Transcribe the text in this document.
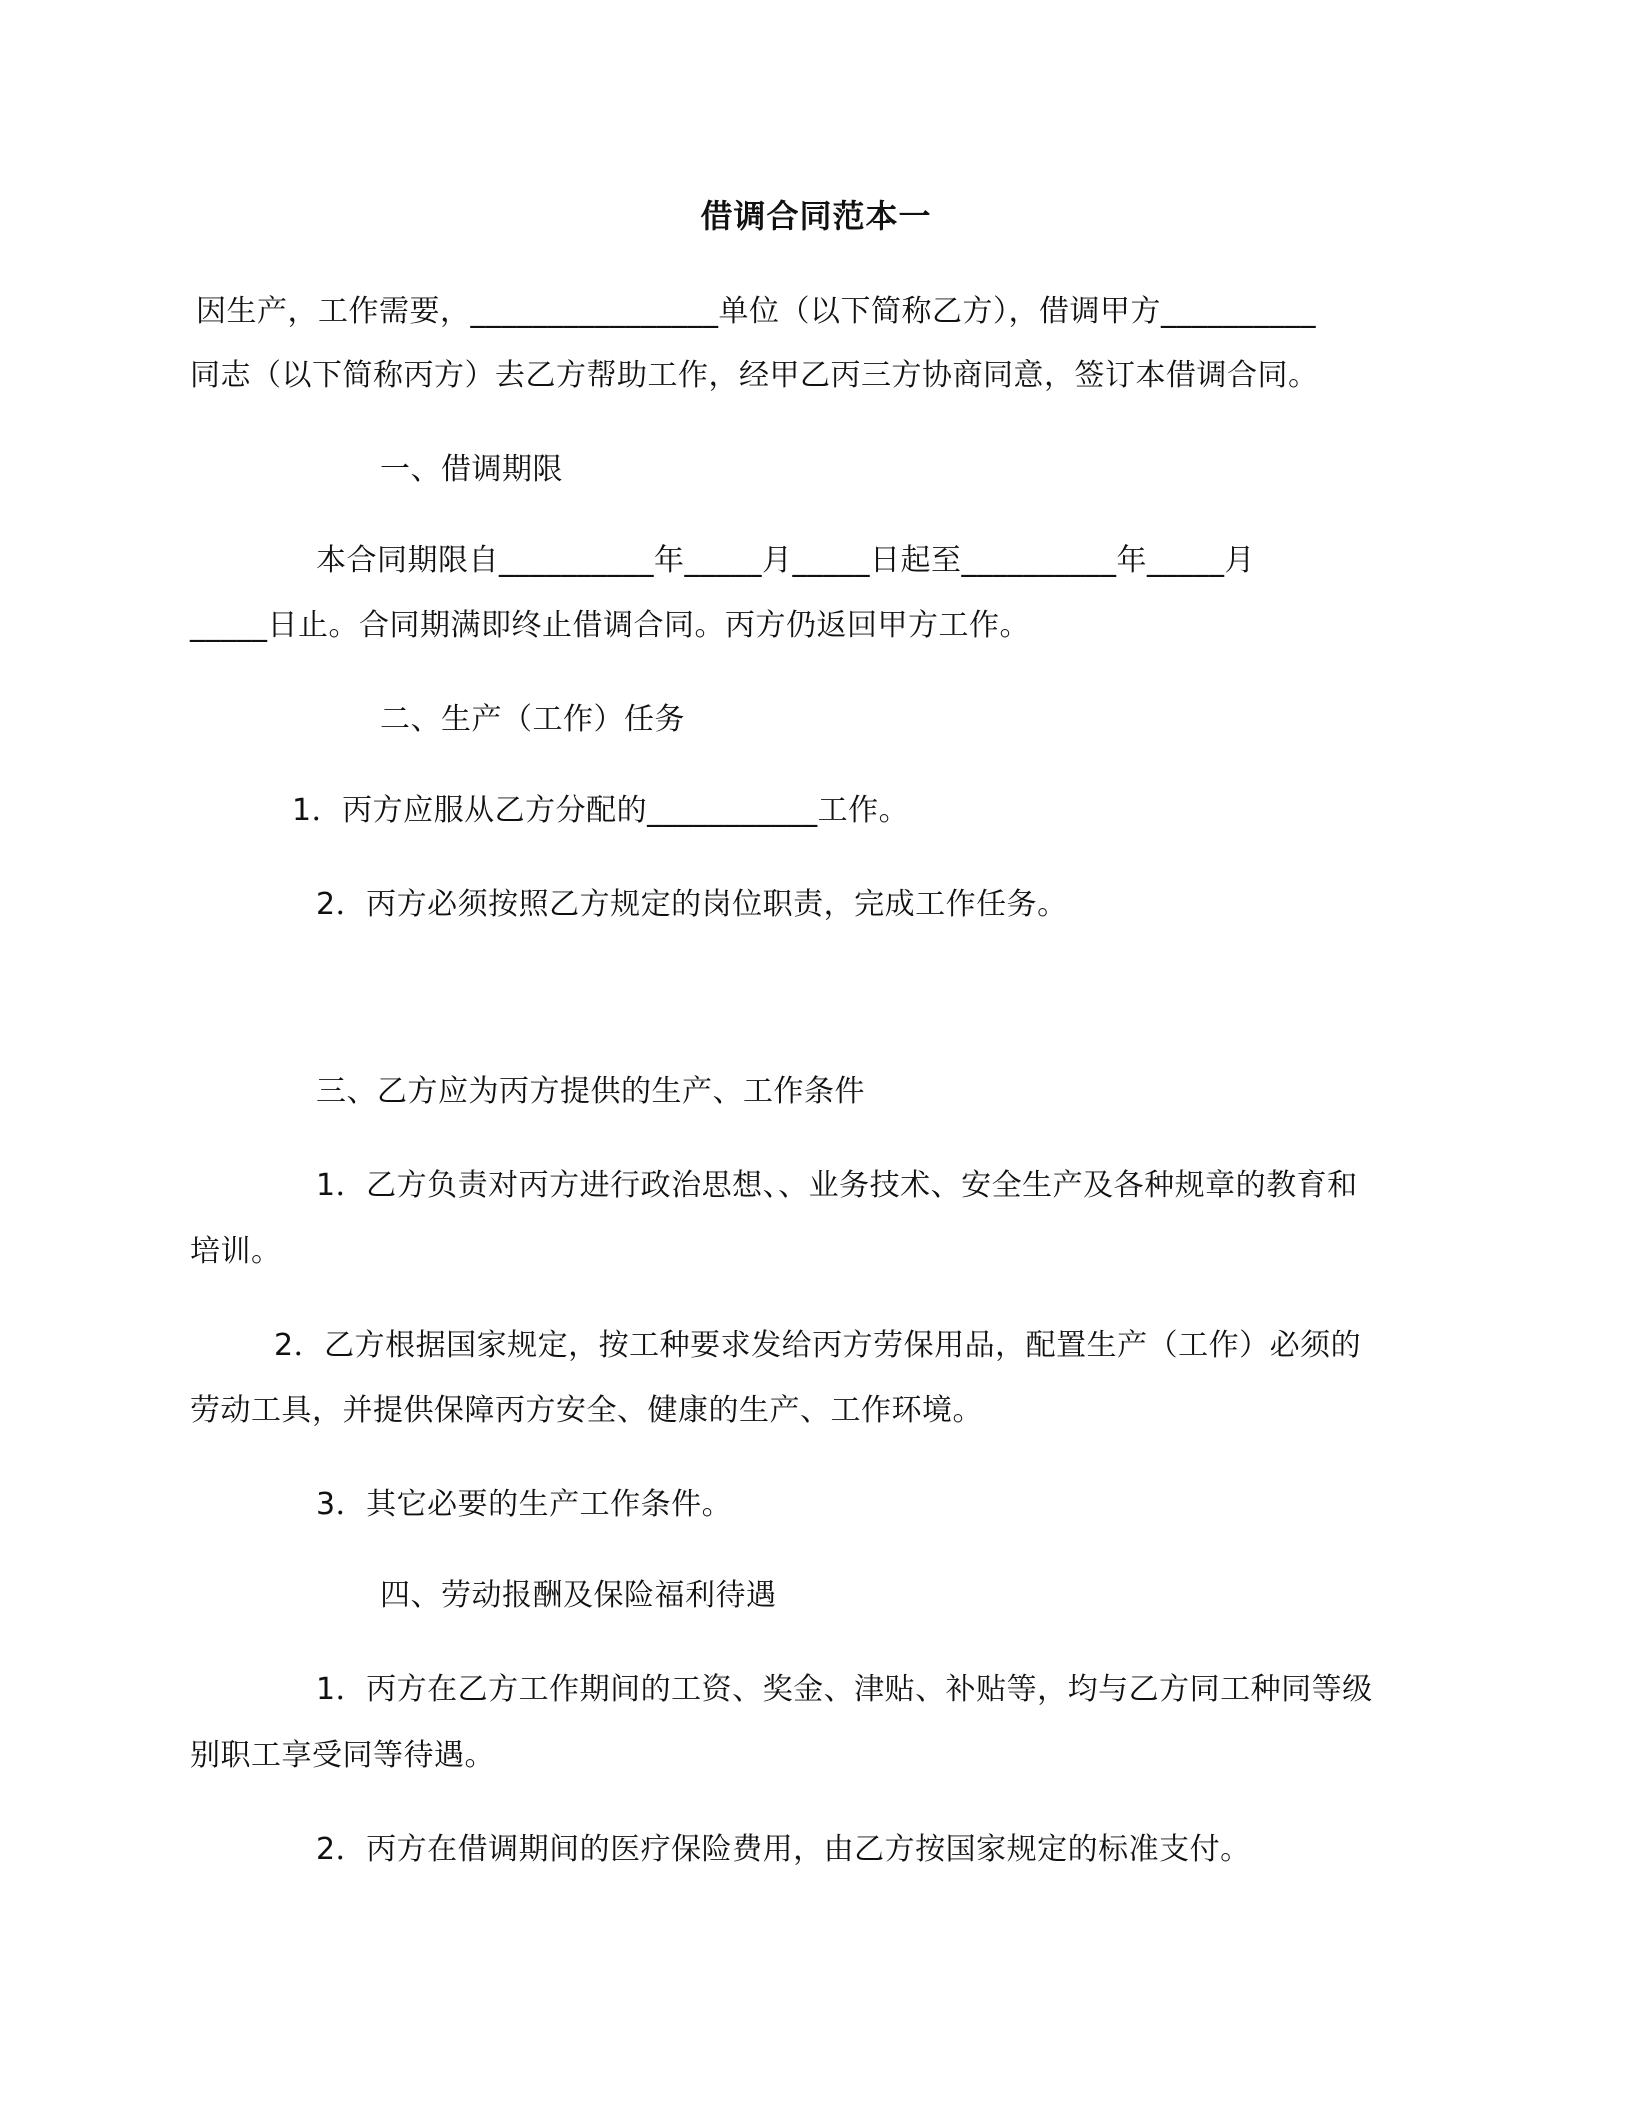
借调合同范本一
因生产，工作需要，________________单位（以下简称乙方），借调甲方__________
同志（以下简称丙方）去乙方帮助工作，经甲乙丙三方协商同意，签订本借调合同。
一、借调期限
本合同期限自__________年_____月_____日起至__________年_____月
_____日止。合同期满即终止借调合同。丙方仍返回甲方工作。
二、生产（工作）任务
1．丙方应服从乙方分配的___________工作。
2．丙方必须按照乙方规定的岗位职责，完成工作任务。
三、乙方应为丙方提供的生产、工作条件
1．乙方负责对丙方进行政治思想、、业务技术、安全生产及各种规章的教育和
培训。
2．乙方根据国家规定，按工种要求发给丙方劳保用品，配置生产（工作）必须的
劳动工具，并提供保障丙方安全、健康的生产、工作环境。
3．其它必要的生产工作条件。
四、劳动报酬及保险福利待遇
1．丙方在乙方工作期间的工资、奖金、津贴、补贴等，均与乙方同工种同等级
别职工享受同等待遇。
2．丙方在借调期间的医疗保险费用，由乙方按国家规定的标准支付。
